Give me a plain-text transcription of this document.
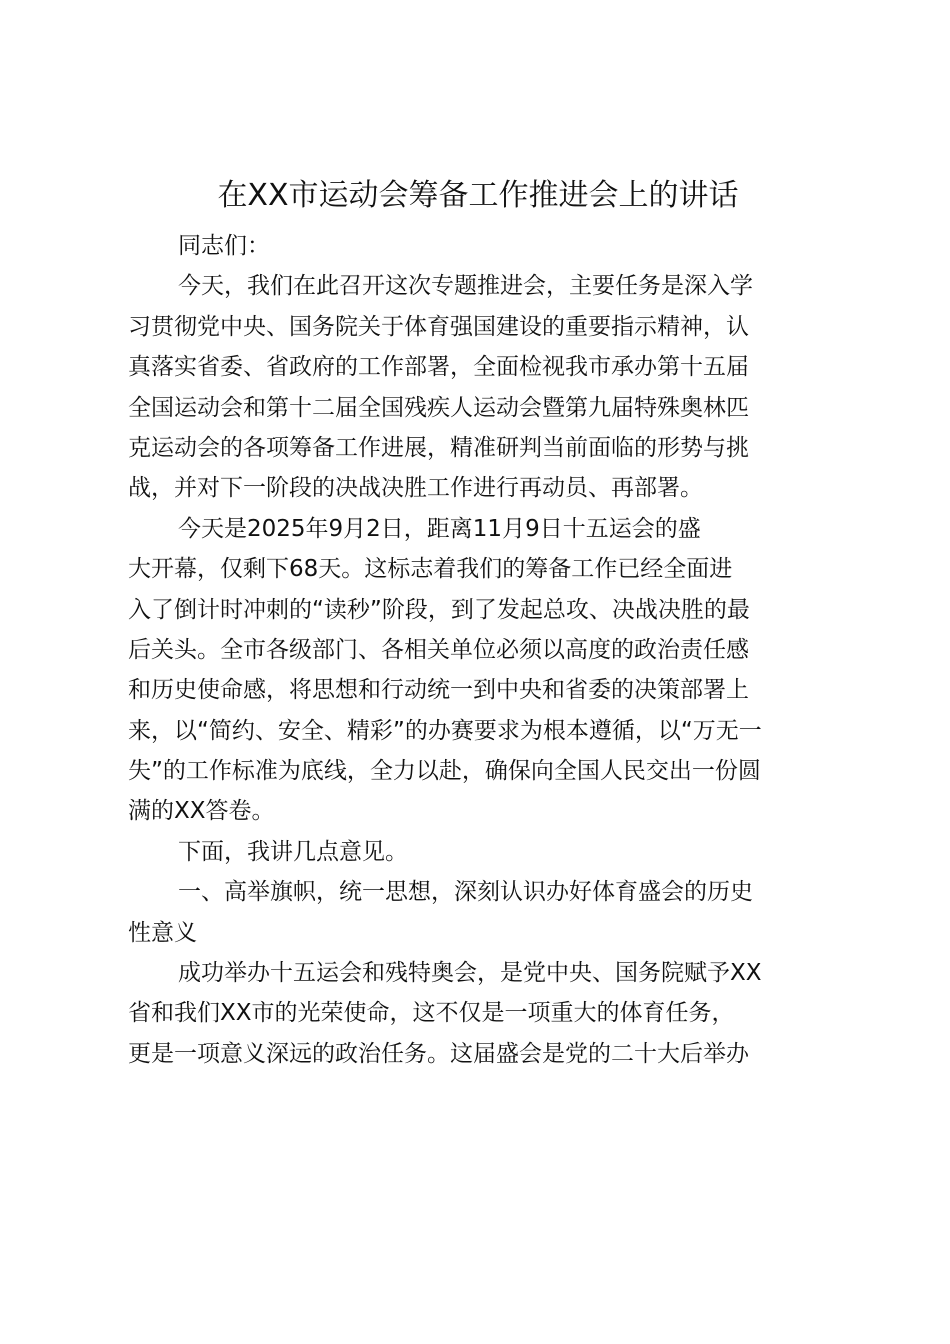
在XX市运动会筹备工作推进会上的讲话

同志们：

今天，我们在此召开这次专题推进会，主要任务是深入学
习贯彻党中央、国务院关于体育强国建设的重要指示精神，认
真落实省委、省政府的工作部署，全面检视我市承办第十五届
全国运动会和第十二届全国残疾人运动会暨第九届特殊奥林匹
克运动会的各项筹备工作进展，精准研判当前面临的形势与挑
战，并对下一阶段的决战决胜工作进行再动员、再部署。

今天是2025年9月2日，距离11月9日十五运会的盛
大开幕，仅剩下68天。这标志着我们的筹备工作已经全面进
入了倒计时冲刺的“读秒”阶段，到了发起总攻、决战决胜的最
后关头。全市各级部门、各相关单位必须以高度的政治责任感
和历史使命感，将思想和行动统一到中央和省委的决策部署上
来，以“简约、安全、精彩”的办赛要求为根本遵循，以“万无一
失”的工作标准为底线，全力以赴，确保向全国人民交出一份圆
满的XX答卷。

下面，我讲几点意见。

一、高举旗帜，统一思想，深刻认识办好体育盛会的历史
性意义

成功举办十五运会和残特奥会，是党中央、国务院赋予XX
省和我们XX市的光荣使命，这不仅是一项重大的体育任务，
更是一项意义深远的政治任务。这届盛会是党的二十大后举办
